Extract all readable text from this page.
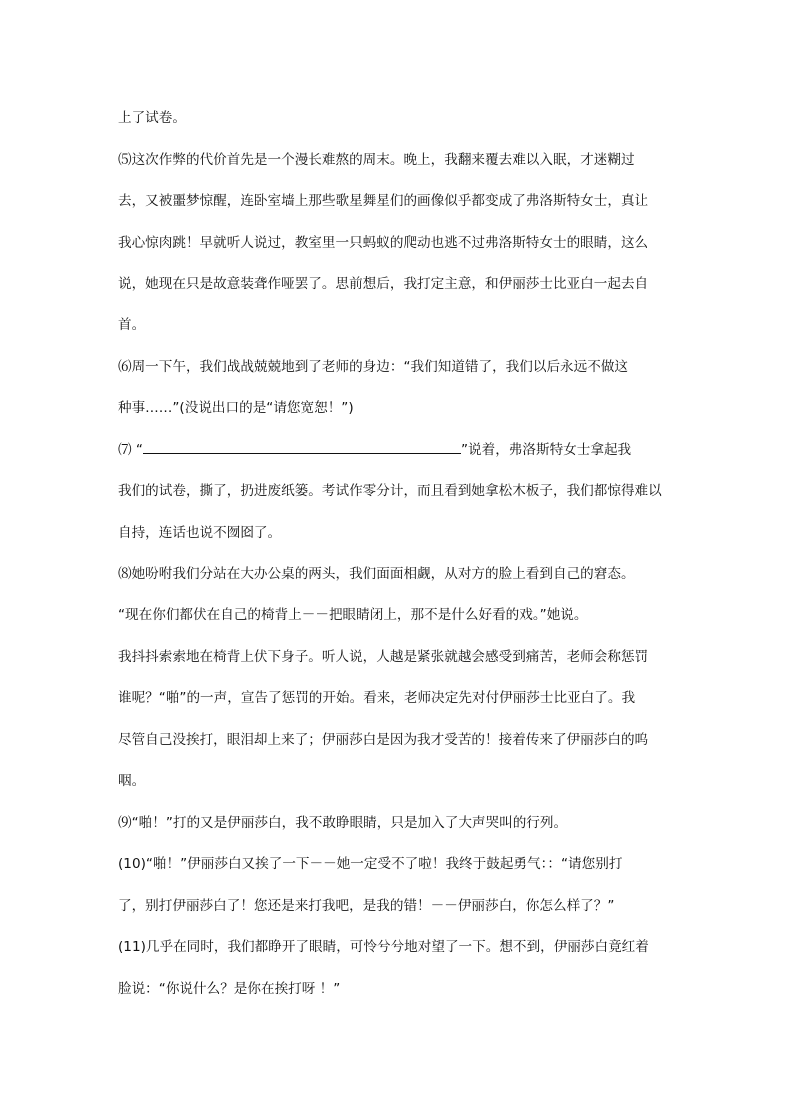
上了试卷。
⑸这次作弊的代价首先是一个漫长难熬的周末。晚上，我翻来覆去难以入眠，才迷糊过
去，又被噩梦惊醒，连卧室墙上那些歌星舞星们的画像似乎都变成了弗洛斯特女士，真让
我心惊肉跳！早就听人说过，教室里一只蚂蚁的爬动也逃不过弗洛斯特女士的眼睛，这么
说，她现在只是故意装聋作哑罢了。思前想后，我打定主意，和伊丽莎士比亚白一起去自
首。
⑹周一下午，我们战战兢兢地到了老师的身边：“我们知道错了，我们以后永远不做这
种事……”(没说出口的是“请您宽恕！”)
⑺ “	”说着，弗洛斯特女士拿起我
我们的试卷，撕了，扔进废纸篓。考试作零分计，而且看到她拿松木板子，我们都惊得难以
自持，连话也说不囫囵了。
⑻她吩咐我们分站在大办公桌的两头，我们面面相觑，从对方的脸上看到自己的窘态。
“现在你们都伏在自己的椅背上－－把眼睛闭上，那不是什么好看的戏。”她说。
我抖抖索索地在椅背上伏下身子。听人说，人越是紧张就越会感受到痛苦，老师会称惩罚
谁呢？“啪”的一声，宣告了惩罚的开始。看来，老师决定先对付伊丽莎士比亚白了。我
尽管自己没挨打，眼泪却上来了；伊丽莎白是因为我才受苦的！接着传来了伊丽莎白的呜
咽。
⑼“啪！”打的又是伊丽莎白，我不敢睁眼睛，只是加入了大声哭叫的行列。
(10)“啪！”伊丽莎白又挨了一下－－她一定受不了啦！我终于鼓起勇气：：“请您别打
了，别打伊丽莎白了！您还是来打我吧，是我的错！－－伊丽莎白，你怎么样了？”
(11)几乎在同时，我们都睁开了眼睛，可怜兮兮地对望了一下。想不到，伊丽莎白竟红着
脸说：“你说什么？是你在挨打呀 ！”
